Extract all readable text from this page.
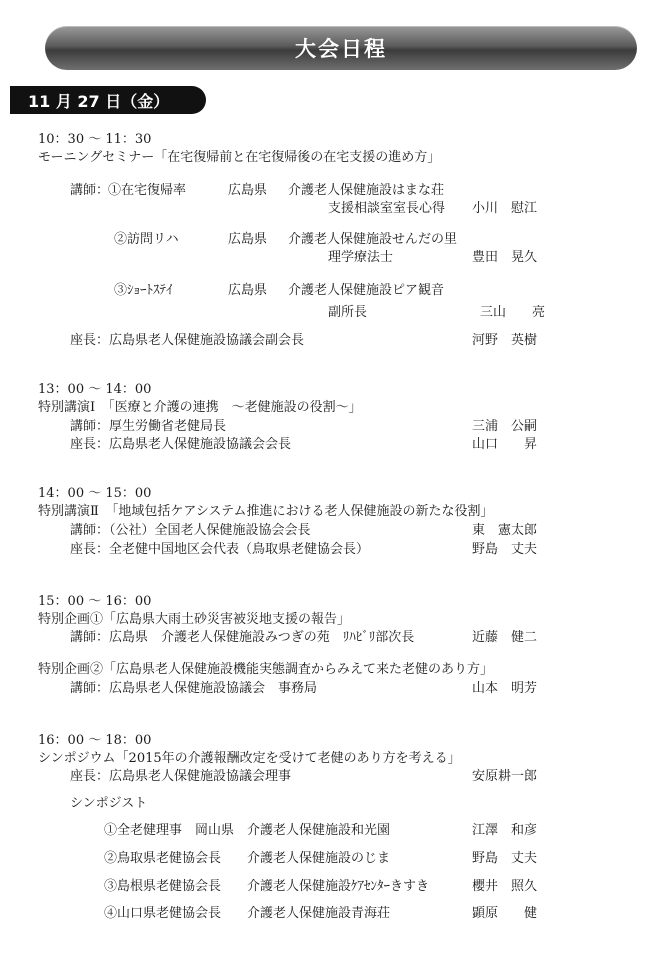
大会日程
11 月 27 日（金）
10：30 〜 11：30
モーニングセミナー「在宅復帰前と在宅復帰後の在宅支援の進め方」
講師：
①在宅復帰率	広島県 介護老人保健施設はまな荘
支援相談室室長心得 小川　慰江
②訪問リハ	広島県 介護老人保健施設せんだの里
理学療法士	豊田　晃久
③ｼｮｰﾄｽﾃｲ	広島県 介護老人保健施設ピア観音
副所長	三山　　亮
座長：広島県老人保健施設協議会副会長	河野　英樹
13：00 〜 14：00
特別講演Ⅰ　「医療と介護の連携　〜老健施設の役割〜」
講師：厚生労働省老健局長	三浦　公嗣
座長：広島県老人保健施設協議会会長	山口　　昇
14：00 〜 15：00
特別講演Ⅱ　「地域包括ケアシステム推進における老人保健施設の新たな役割」
講師：（公社）全国老人保健施設協会会長	東　憲太郎
座長：全老健中国地区会代表（鳥取県老健協会長）	野島　丈夫
15：00 〜 16：00
特別企画①「広島県大雨土砂災害被災地支援の報告」
講師：広島県　介護老人保健施設みつぎの苑　ﾘﾊﾋﾞﾘ部次長	近藤　健二
特別企画②「広島県老人保健施設機能実態調査からみえて来た老健のあり方」
講師：広島県老人保健施設協議会　事務局	山本　明芳
16：00 〜 18：00
シンポジウム「2015年の介護報酬改定を受けて老健のあり方を考える」
座長：広島県老人保健施設協議会理事	安原耕一郎
シンポジスト
①全老健理事　岡山県　介護老人保健施設和光園	江澤　和彦
②鳥取県老健協会長　　介護老人保健施設のじま	野島　丈夫
③島根県老健協会長　　介護老人保健施設ｹｱｾﾝﾀｰきすき	櫻井　照久
④山口県老健協会長　　介護老人保健施設青海荘	顕原　　健
